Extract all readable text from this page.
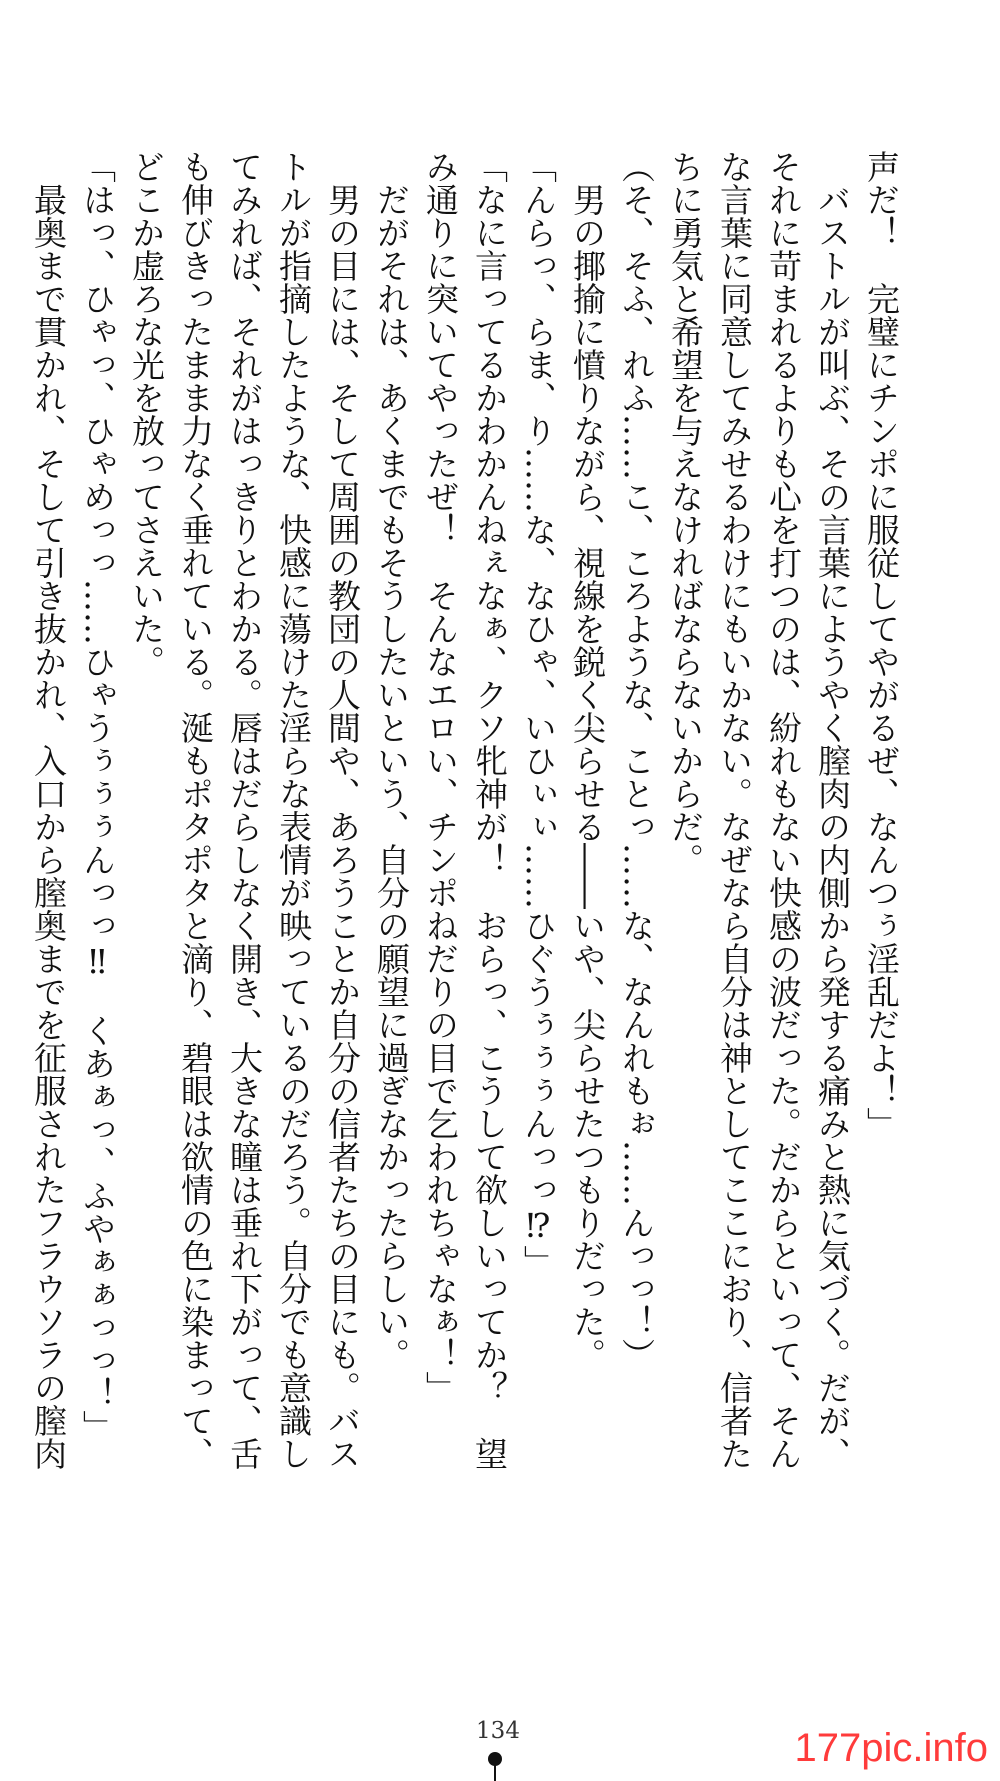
声だ！　完璧にチンポに服従してやがるぜ、なんつぅ淫乱だよ！」

　バストルが叫ぶ、その言葉にようやく膣肉の内側から発する痛みと熱に気づく。だが、

それに苛まれるよりも心を打つのは、紛れもない快感の波だった。だからといって、そん

な言葉に同意してみせるわけにもいかない。なぜなら自分は神としてここにおり、信者た

ちに勇気と希望を与えなければならないからだ。

（そ、そふ、れふ……こ、ころような、ことっ……な、なんれもぉ……んっっ！）

　男の揶揄に憤りながら、視線を鋭く尖らせる――いや、尖らせたつもりだった。

「んらっ、らま、り……な、なひゃ、いひぃぃ……ひぐうぅぅぅんっっ⁉」

「なに言ってるかわかんねぇなぁ、クソ牝神が！　おらっ、こうして欲しいってか？　望

み通りに突いてやったぜ！　そんなエロい、チンポねだりの目で乞われちゃなぁ！」

　だがそれは、あくまでもそうしたいという、自分の願望に過ぎなかったらしい。

　男の目には、そして周囲の教団の人間や、あろうことか自分の信者たちの目にも。バス

トルが指摘したような、快感に蕩けた淫らな表情が映っているのだろう。自分でも意識し

てみれば、それがはっきりとわかる。唇はだらしなく開き、大きな瞳は垂れ下がって、舌

も伸びきったまま力なく垂れている。涎もポタポタと滴り、碧眼は欲情の色に染まって、

どこか虚ろな光を放ってさえいた。

「はっ、ひゃっ、ひゃめっっ……ひゃうぅぅぅんっっ‼　くあぁっ、ふやぁぁっっ！」

　最奥まで貫かれ、そして引き抜かれ、入口から膣奥までを征服されたフラウソラの膣肉

134	177pic.info
